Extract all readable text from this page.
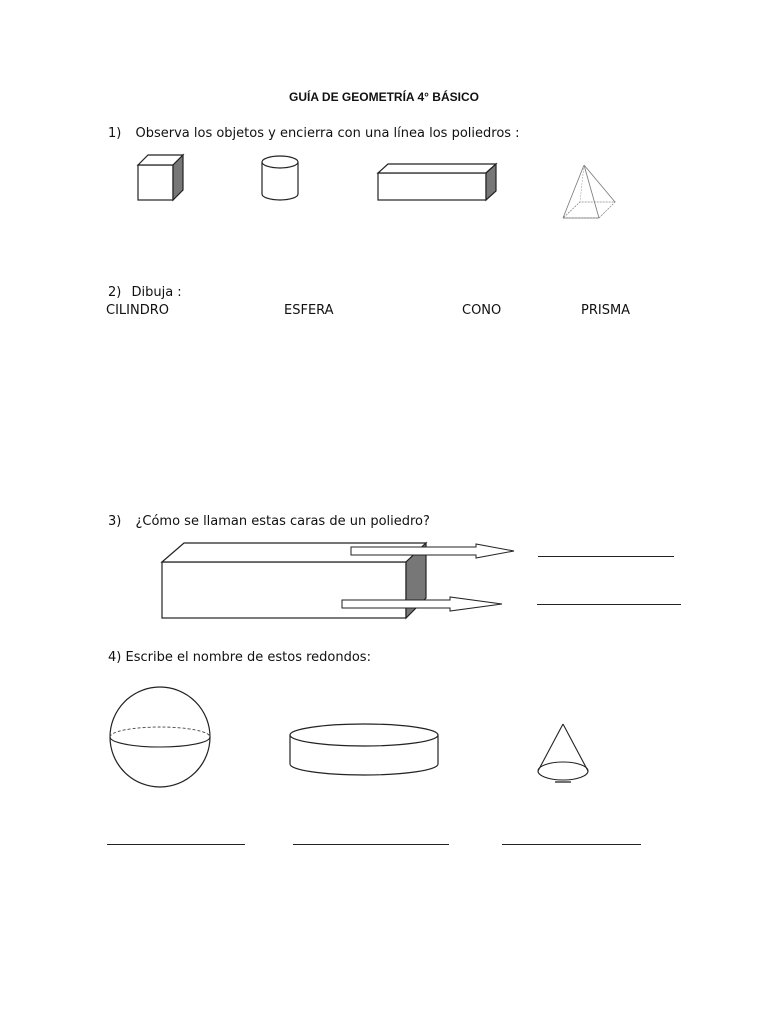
GUÍA DE GEOMETRÍA 4° BÁSICO
1) Observa los objetos y encierra con una línea los poliedros :
2) Dibuja :
CILINDRO	ESFERA	CONO	PRISMA
3) ¿Cómo se llaman estas caras de un poliedro?
4) Escribe el nombre de estos redondos:
